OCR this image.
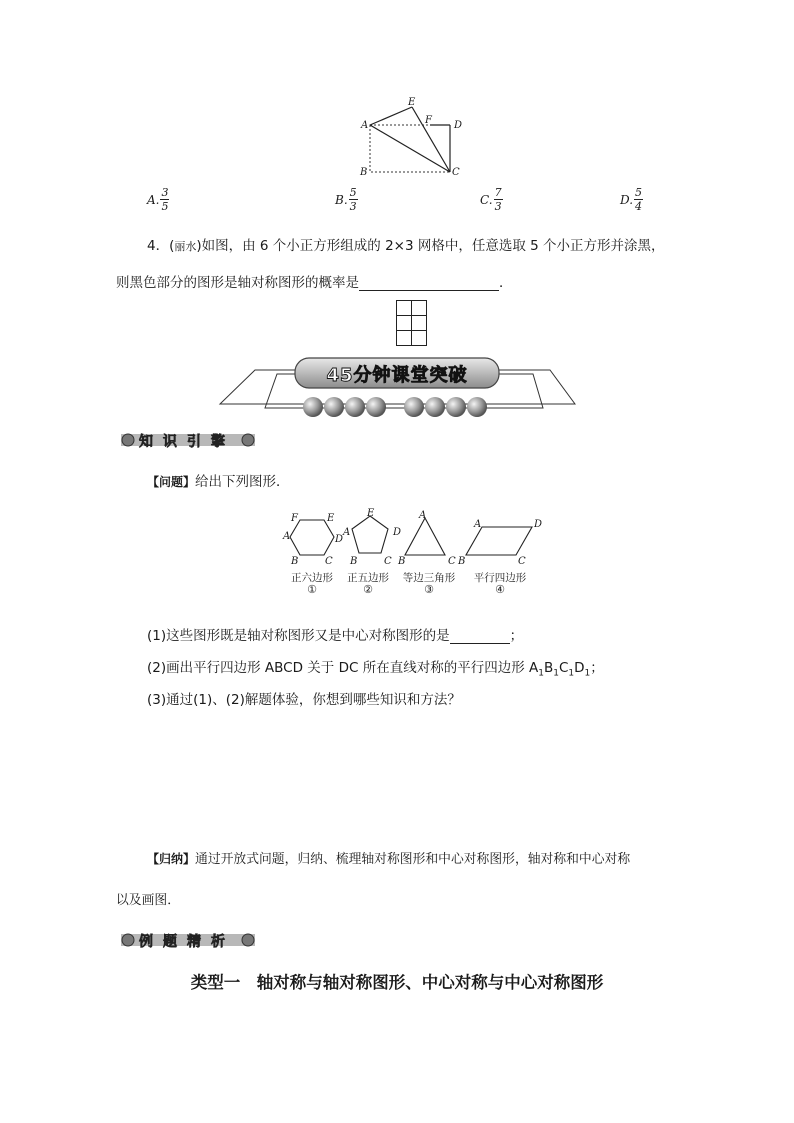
E
A	F D
B	C
A. $\frac{3}{5}$	B. $\frac{5}{3}$	C. $\frac{7}{3}$	D. $\frac{5}{4}$
4．(丽水)如图，由 6 个小正方形组成的 2×3 网格中，任意选取 5 个小正方形并涂黑，
则黑色部分的图形是轴对称图形的概率是	．
45分钟课堂突破
知 识 引 擎
【问题】给出下列图形．
F	E
A	D
B	C
E
A	D
B	C
A
B	C
A	D
B	C
正六边形	正五边形	等边三角形	平行四边形
①	②	③	④
(1)这些图形既是轴对称图形又是中心对称图形的是	；
(2)画出平行四边形 ABCD 关于 DC 所在直线对称的平行四边形 $A_1B_1C_1D_1$；
(3)通过(1)、(2)解题体验，你想到哪些知识和方法？
【归纳】通过开放式问题，归纳、梳理轴对称图形和中心对称图形，轴对称和中心对称
以及画图．
例 题 精 析
类型一　轴对称与轴对称图形、中心对称与中心对称图形
